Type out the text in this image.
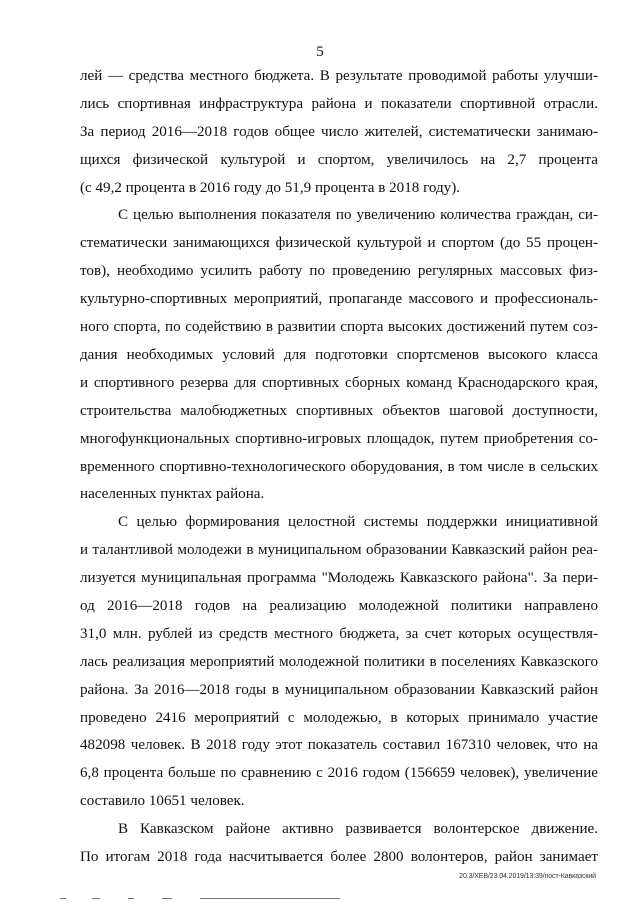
5
лей — средства местного бюджета. В результате проводимой работы улучши-
лись спортивная инфраструктура района и показатели спортивной отрасли.
За период 2016—2018 годов общее число жителей, систематически занимаю-
щихся физической культурой и спортом, увеличилось на 2,7 процента
(с 49,2 процента в 2016 году до 51,9 процента в 2018 году).
С целью выполнения показателя по увеличению количества граждан, си-
стематически занимающихся физической культурой и спортом (до 55 процен-
тов), необходимо усилить работу по проведению регулярных массовых физ-
культурно-спортивных мероприятий, пропаганде массового и профессиональ-
ного спорта, по содействию в развитии спорта высоких достижений путем соз-
дания необходимых условий для подготовки спортсменов высокого класса
и спортивного резерва для спортивных сборных команд Краснодарского края,
строительства малобюджетных спортивных объектов шаговой доступности,
многофункциональных спортивно-игровых площадок, путем приобретения со-
временного спортивно-технологического оборудования, в том числе в сельских
населенных пунктах района.
С целью формирования целостной системы поддержки инициативной
и талантливой молодежи в муниципальном образовании Кавказский район реа-
лизуется муниципальная программа "Молодежь Кавказского района". За пери-
од 2016—2018 годов на реализацию молодежной политики направлено
31,0 млн. рублей из средств местного бюджета, за счет которых осуществля-
лась реализация мероприятий молодежной политики в поселениях Кавказского
района. За 2016—2018 годы в муниципальном образовании Кавказский район
проведено 2416 мероприятий с молодежью, в которых принимало участие
482098 человек. В 2018 году этот показатель составил 167310 человек, что на
6,8 процента больше по сравнению с 2016 годом (156659 человек), увеличение
составило 10651 человек.
20.3/ХЕВ/23.04.2019/13:39/пост-Кавказский
В Кавказском районе активно развивается волонтерское движение.
По итогам 2018 года насчитывается более 2800 волонтеров, район занимает
